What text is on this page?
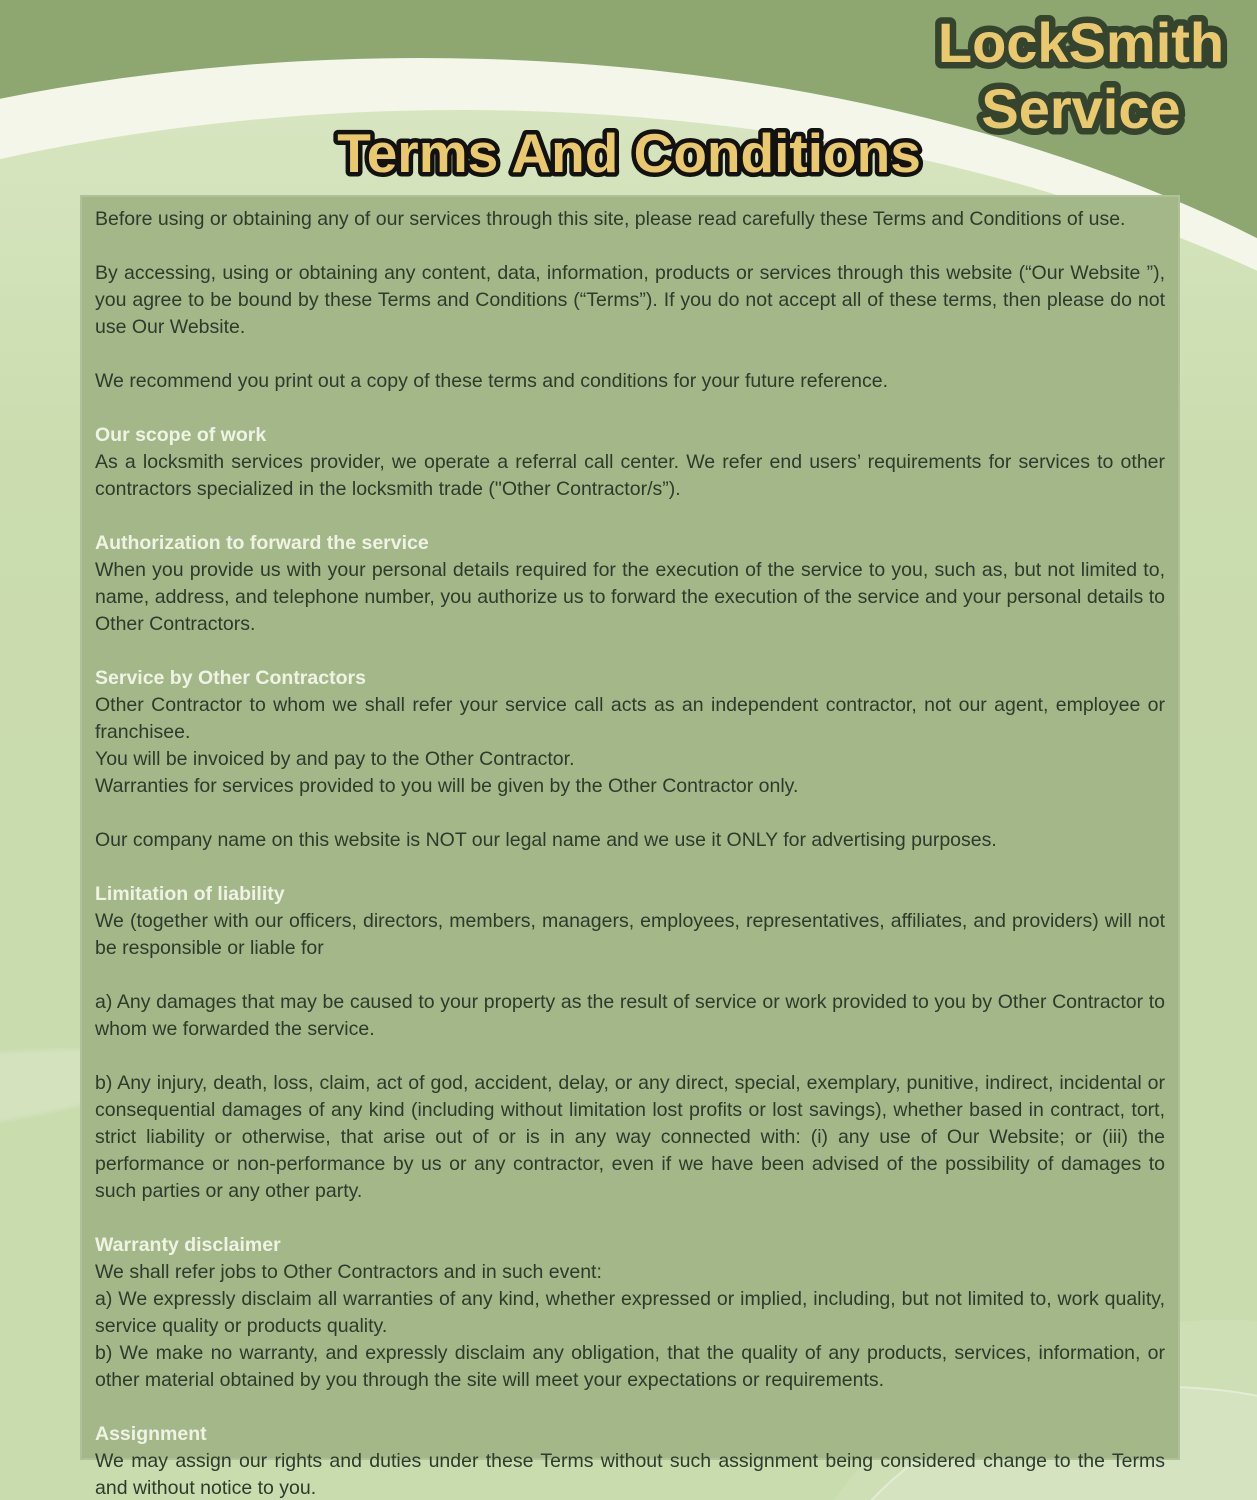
LockSmith
Service
Terms And Conditions

Before using or obtaining any of our services through this site, please read carefully these Terms and Conditions of use.

By accessing, using or obtaining any content, data, information, products or services through this website (“Our Website ”), you agree to be bound by these Terms and Conditions (“Terms”). If you do not accept all of these terms, then please do not use Our Website.

We recommend you print out a copy of these terms and conditions for your future reference.

Our scope of work

As a locksmith services provider, we operate a referral call center. We refer end users’ requirements for services to other contractors specialized in the locksmith trade ("Other Contractor/s”).

Authorization to forward the service

When you provide us with your personal details required for the execution of the service to you, such as, but not limited to, name, address, and telephone number, you authorize us to forward the execution of the service and your personal details to Other Contractors.

Service by Other Contractors

Other Contractor to whom we shall refer your service call acts as an independent contractor, not our agent, employee or franchisee.

You will be invoiced by and pay to the Other Contractor.

Warranties for services provided to you will be given by the Other Contractor only.

Our company name on this website is NOT our legal name and we use it ONLY for advertising purposes.

Limitation of liability

We (together with our officers, directors, members, managers, employees, representatives, affiliates, and providers) will not be responsible or liable for

a) Any damages that may be caused to your property as the result of service or work provided to you by Other Contractor to whom we forwarded the service.

b) Any injury, death, loss, claim, act of god, accident, delay, or any direct, special, exemplary, punitive, indirect, incidental or consequential damages of any kind (including without limitation lost profits or lost savings), whether based in contract, tort, strict liability or otherwise, that arise out of or is in any way connected with: (i) any use of Our Website; or (iii) the performance or non-performance by us or any contractor, even if we have been advised of the possibility of damages to such parties or any other party.

Warranty disclaimer

We shall refer jobs to Other Contractors and in such event:

a) We expressly disclaim all warranties of any kind, whether expressed or implied, including, but not limited to, work quality, service quality or products quality.

b) We make no warranty, and expressly disclaim any obligation, that the quality of any products, services, information, or other material obtained by you through the site will meet your expectations or requirements.

Assignment

We may assign our rights and duties under these Terms without such assignment being considered change to the Terms and without notice to you.
